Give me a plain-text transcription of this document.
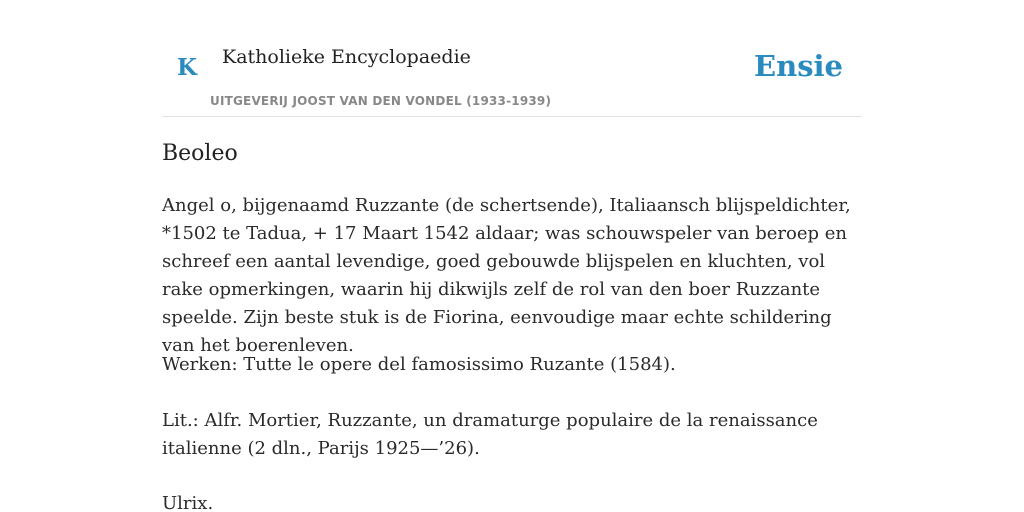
K Katholieke Encyclopaedie
UITGEVERIJ JOOST VAN DEN VONDEL (1933-1939)
Ensie
Beoleo

Angel o, bijgenaamd Ruzzante (de schertsende), Italiaansch blijspeldichter, *1502 te Tadua, + 17 Maart 1542 aldaar; was schouwspeler van beroep en schreef een aantal levendige, goed gebouwde blijspelen en kluchten, vol rake opmerkingen, waarin hij dikwijls zelf de rol van den boer Ruzzante speelde. Zijn beste stuk is de Fiorina, eenvoudige maar echte schildering van het boerenleven.

Werken: Tutte le opere del famosissimo Ruzante (1584).

Lit.: Alfr. Mortier, Ruzzante, un dramaturge populaire de la renaissance italienne (2 dln., Parijs 1925—’26).

Ulrix.
